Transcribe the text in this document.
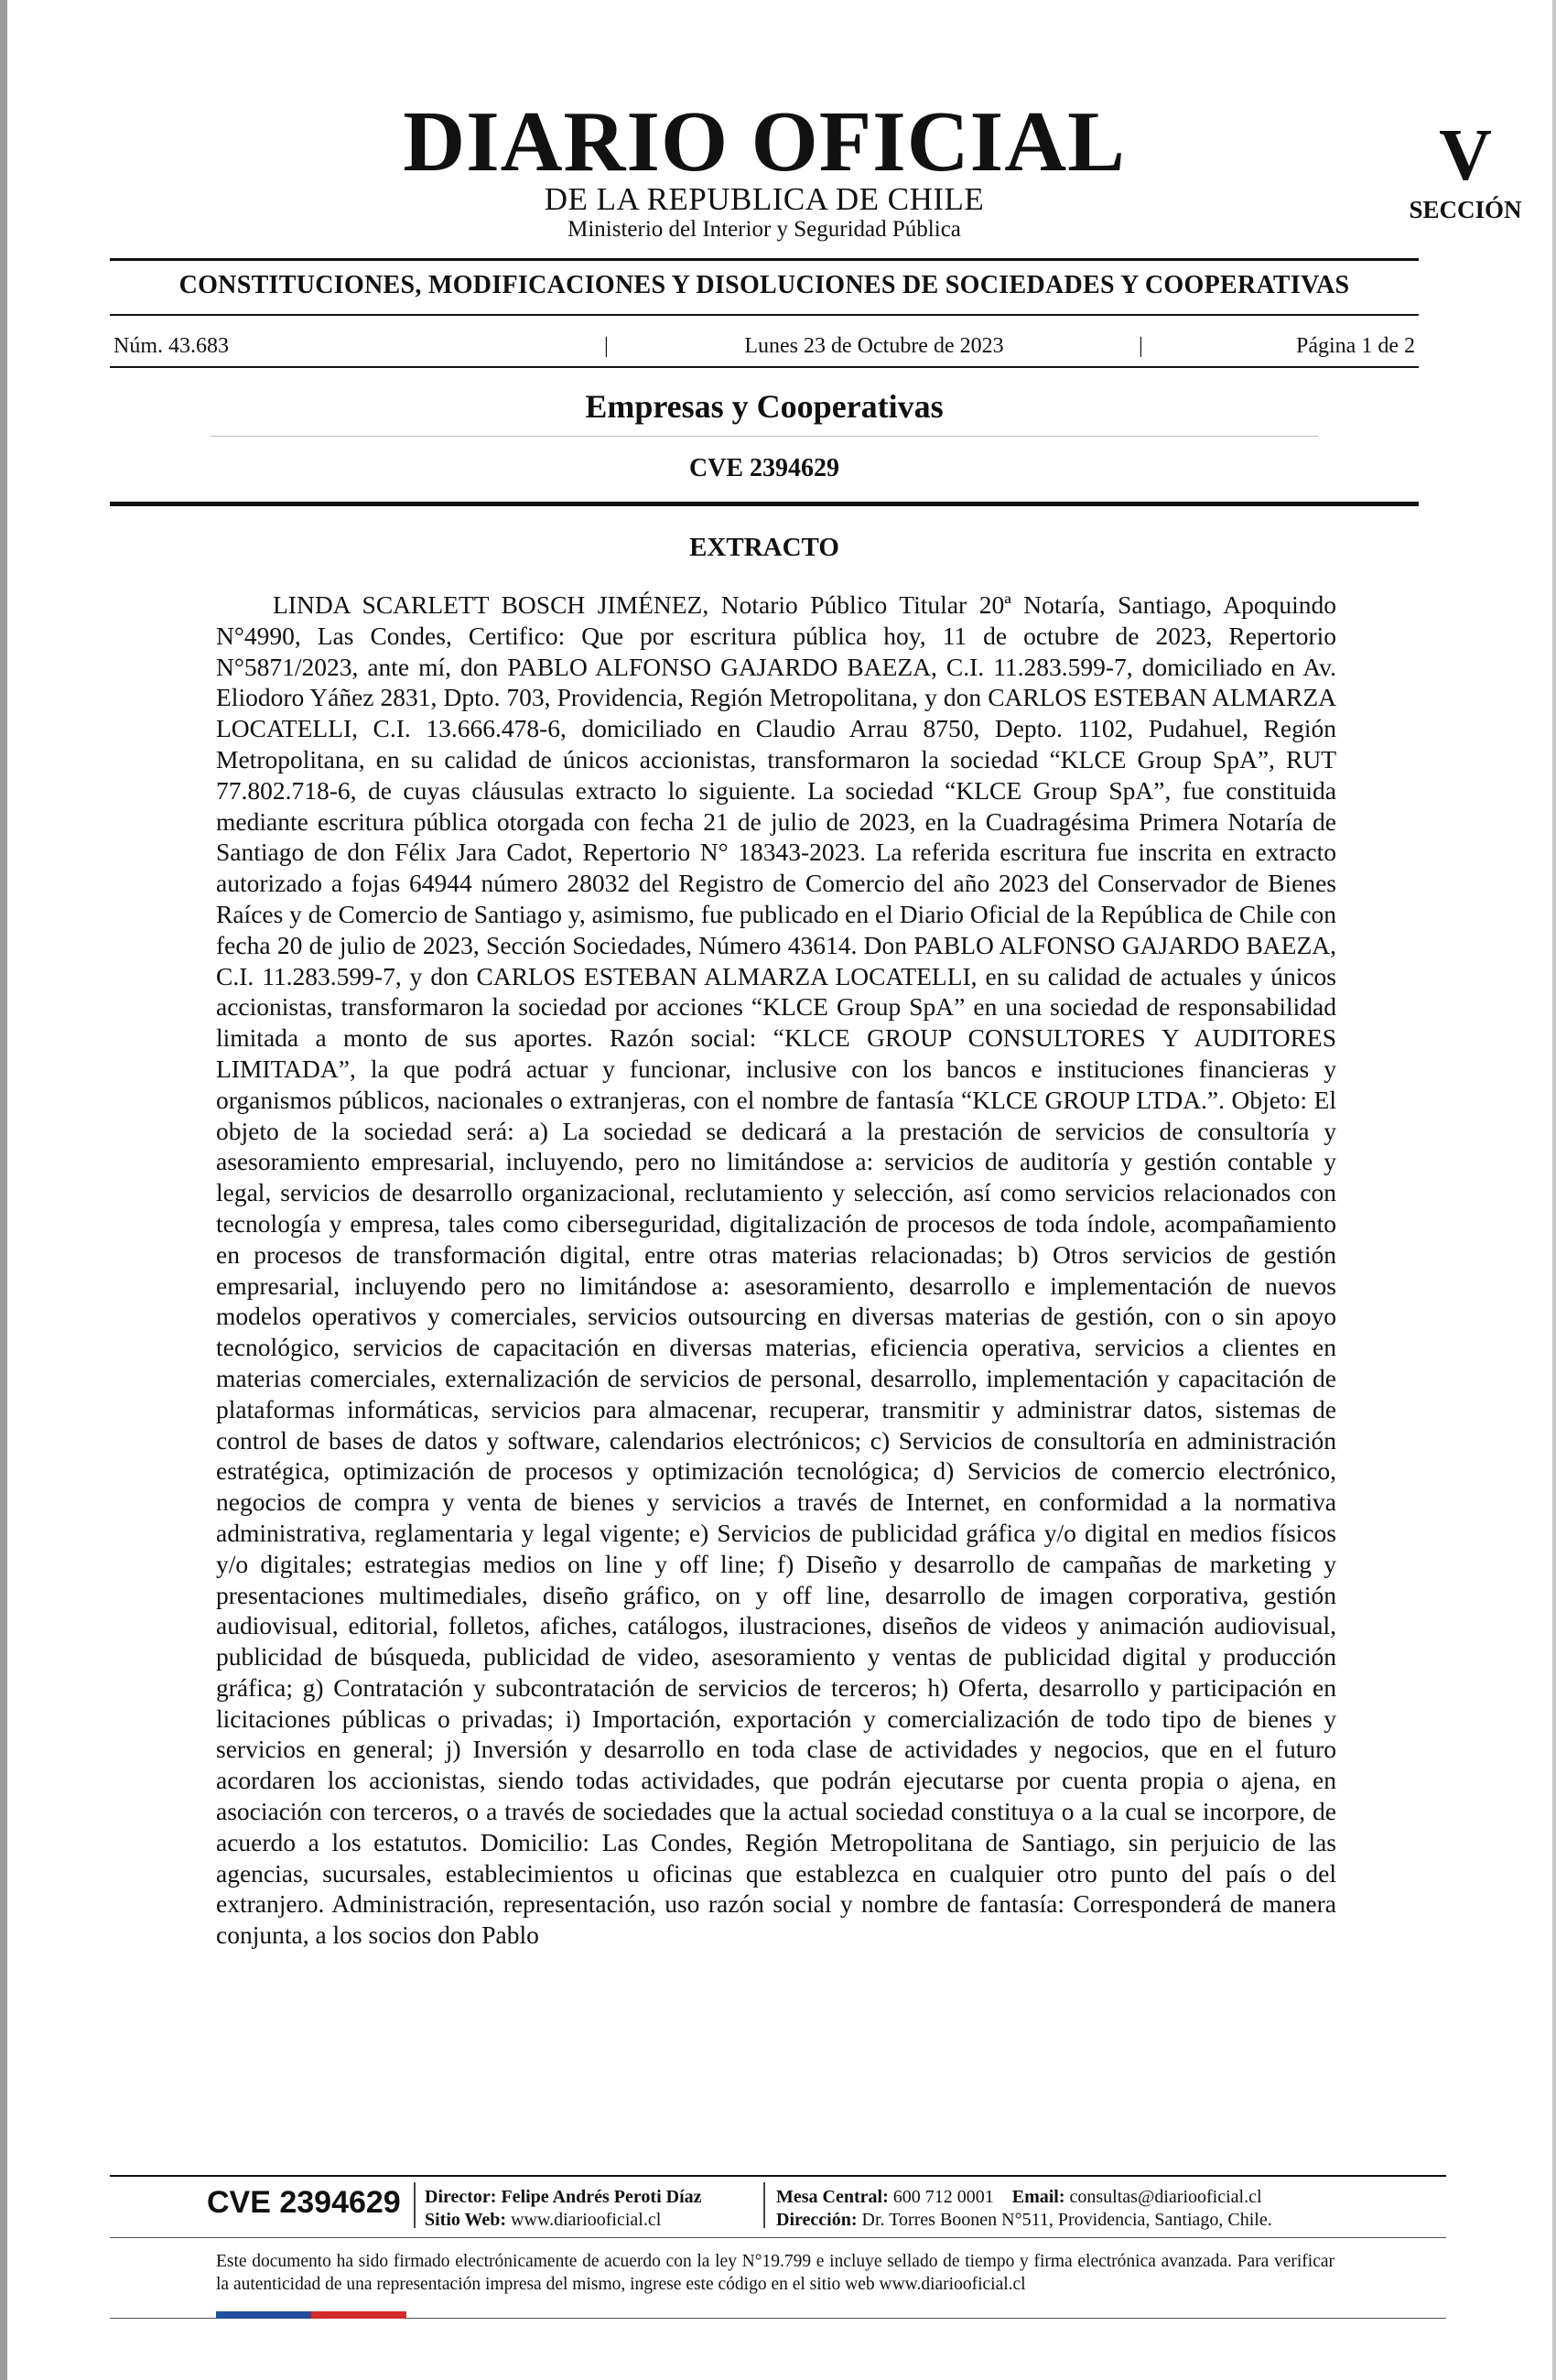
DIARIO OFICIAL
DE LA REPUBLICA DE CHILE
Ministerio del Interior y Seguridad Pública
V
SECCIÓN
CONSTITUCIONES, MODIFICACIONES Y DISOLUCIONES DE SOCIEDADES Y COOPERATIVAS
Núm. 43.683	|	Lunes 23 de Octubre de 2023	|	Página 1 de 2
Empresas y Cooperativas
CVE 2394629
EXTRACTO

LINDA SCARLETT BOSCH JIMÉNEZ, Notario Público Titular 20ª Notaría, Santiago, Apoquindo N°4990, Las Condes, Certifico: Que por escritura pública hoy, 11 de octubre de 2023, Repertorio N°5871/2023, ante mí, don PABLO ALFONSO GAJARDO BAEZA, C.I. 11.283.599-7, domiciliado en Av. Eliodoro Yáñez 2831, Dpto. 703, Providencia, Región Metropolitana, y don CARLOS ESTEBAN ALMARZA LOCATELLI, C.I. 13.666.478-6, domiciliado en Claudio Arrau 8750, Depto. 1102, Pudahuel, Región Metropolitana, en su calidad de únicos accionistas, transformaron la sociedad “KLCE Group SpA”, RUT 77.802.718-6, de cuyas cláusulas extracto lo siguiente. La sociedad “KLCE Group SpA”, fue constituida mediante escritura pública otorgada con fecha 21 de julio de 2023, en la Cuadragésima Primera Notaría de Santiago de don Félix Jara Cadot, Repertorio N° 18343-2023. La referida escritura fue inscrita en extracto autorizado a fojas 64944 número 28032 del Registro de Comercio del año 2023 del Conservador de Bienes Raíces y de Comercio de Santiago y, asimismo, fue publicado en el Diario Oficial de la República de Chile con fecha 20 de julio de 2023, Sección Sociedades, Número 43614. Don PABLO ALFONSO GAJARDO BAEZA, C.I. 11.283.599-7, y don CARLOS ESTEBAN ALMARZA LOCATELLI, en su calidad de actuales y únicos accionistas, transformaron la sociedad por acciones “KLCE Group SpA” en una sociedad de responsabilidad limitada a monto de sus aportes. Razón social: “KLCE GROUP CONSULTORES Y AUDITORES LIMITADA”, la que podrá actuar y funcionar, inclusive con los bancos e instituciones financieras y organismos públicos, nacionales o extranjeras, con el nombre de fantasía “KLCE GROUP LTDA.”. Objeto: El objeto de la sociedad será: a) La sociedad se dedicará a la prestación de servicios de consultoría y asesoramiento empresarial, incluyendo, pero no limitándose a: servicios de auditoría y gestión contable y legal, servicios de desarrollo organizacional, reclutamiento y selección, así como servicios relacionados con tecnología y empresa, tales como ciberseguridad, digitalización de procesos de toda índole, acompañamiento en procesos de transformación digital, entre otras materias relacionadas; b) Otros servicios de gestión empresarial, incluyendo pero no limitándose a: asesoramiento, desarrollo e implementación de nuevos modelos operativos y comerciales, servicios outsourcing en diversas materias de gestión, con o sin apoyo tecnológico, servicios de capacitación en diversas materias, eficiencia operativa, servicios a clientes en materias comerciales, externalización de servicios de personal, desarrollo, implementación y capacitación de plataformas informáticas, servicios para almacenar, recuperar, transmitir y administrar datos, sistemas de control de bases de datos y software, calendarios electrónicos; c) Servicios de consultoría en administración estratégica, optimización de procesos y optimización tecnológica; d) Servicios de comercio electrónico, negocios de compra y venta de bienes y servicios a través de Internet, en conformidad a la normativa administrativa, reglamentaria y legal vigente; e) Servicios de publicidad gráfica y/o digital en medios físicos y/o digitales; estrategias medios on line y off line; f) Diseño y desarrollo de campañas de marketing y presentaciones multimediales, diseño gráfico, on y off line, desarrollo de imagen corporativa, gestión audiovisual, editorial, folletos, afiches, catálogos, ilustraciones, diseños de videos y animación audiovisual, publicidad de búsqueda, publicidad de video, asesoramiento y ventas de publicidad digital y producción gráfica; g) Contratación y subcontratación de servicios de terceros; h) Oferta, desarrollo y participación en licitaciones públicas o privadas; i) Importación, exportación y comercialización de todo tipo de bienes y servicios en general; j) Inversión y desarrollo en toda clase de actividades y negocios, que en el futuro acordaren los accionistas, siendo todas actividades, que podrán ejecutarse por cuenta propia o ajena, en asociación con terceros, o a través de sociedades que la actual sociedad constituya o a la cual se incorpore, de acuerdo a los estatutos. Domicilio: Las Condes, Región Metropolitana de Santiago, sin perjuicio de las agencias, sucursales, establecimientos u oficinas que establezca en cualquier otro punto del país o del extranjero. Administración, representación, uso razón social y nombre de fantasía: Corresponderá de manera conjunta, a los socios don Pablo

CVE 2394629 Director: Felipe Andrés Peroti Díaz
Sitio Web: www.diariooficial.cl
Mesa Central: 600 712 0001 Email: consultas@diariooficial.cl
Dirección: Dr. Torres Boonen N°511, Providencia, Santiago, Chile.
Este documento ha sido firmado electrónicamente de acuerdo con la ley N°19.799 e incluye sellado de tiempo y firma electrónica avanzada. Para verificar la autenticidad de una representación impresa del mismo, ingrese este código en el sitio web www.diariooficial.cl
